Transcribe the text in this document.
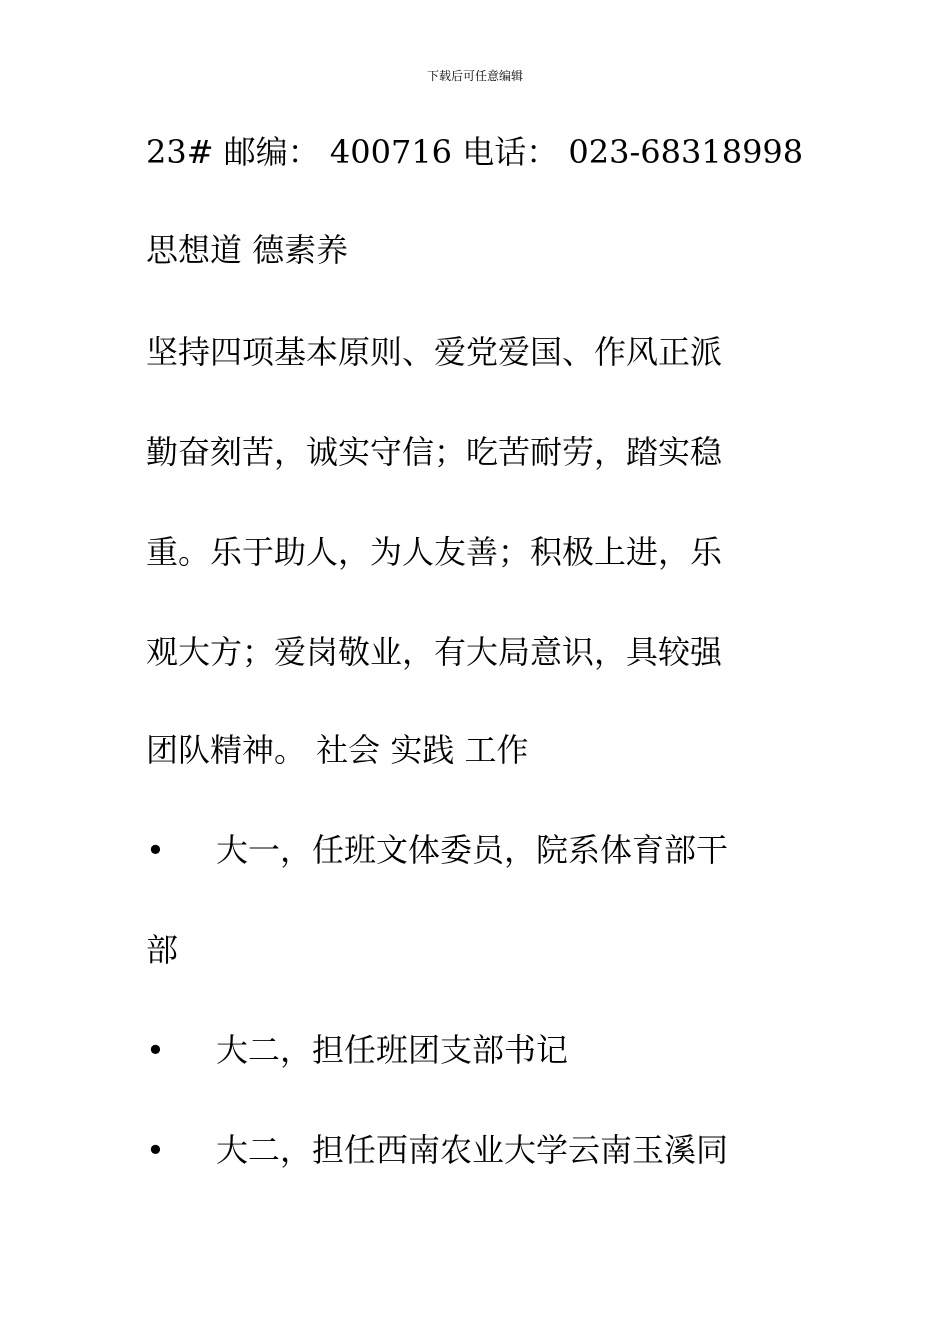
下载后可任意编辑
23# 邮编： 400716 电话： 023-68318998
思想道 德素养
坚持四项基本原则、爱党爱国、作风正派
勤奋刻苦，诚实守信；吃苦耐劳，踏实稳
重。乐于助人，为人友善；积极上进，乐
观大方；爱岗敬业，有大局意识，具较强
团队精神。 社会 实践 工作
• 大一，任班文体委员，院系体育部干
部
• 大二，担任班团支部书记
• 大二，担任西南农业大学云南玉溪同
